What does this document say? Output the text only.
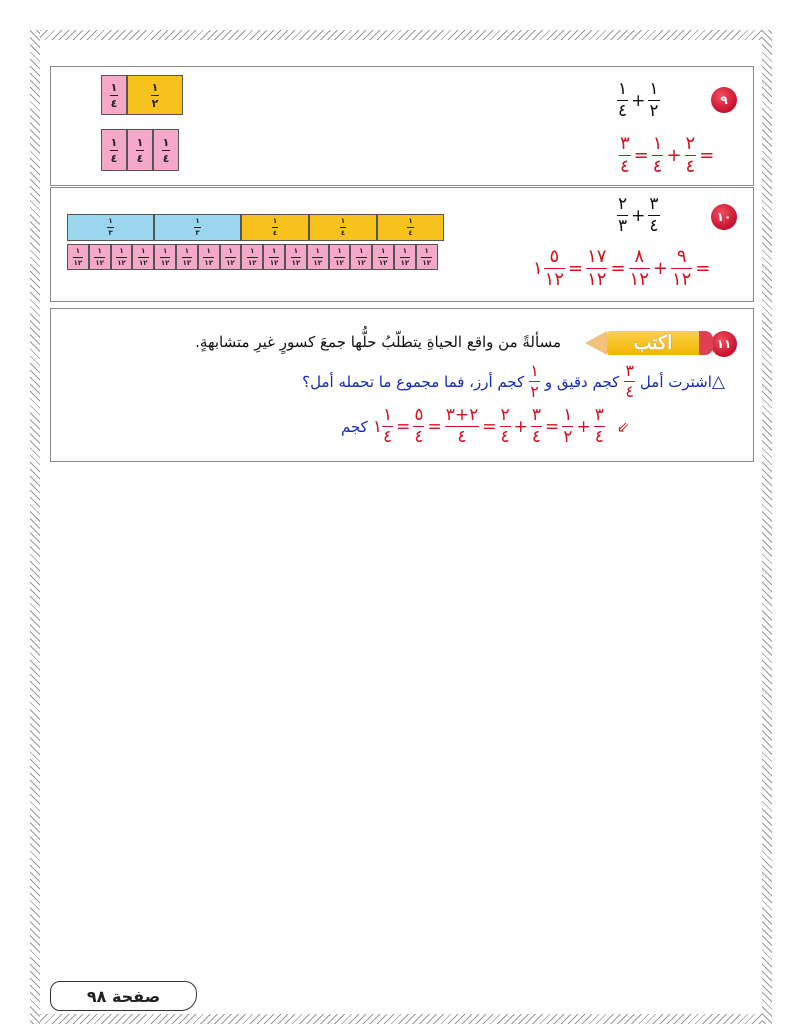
٩
١
٤
+
١
٢
٣
٤
=
١
٤
+
٢
٤
=
١
٤
١
٢
١
٤
١
٤
١
٤
١٠
٢
٣
+
٣
٤
١
٥
١٢
=
١٧
١٢
=
٨
١٢
+
٩
١٢
=
١
٣
١
٣
١
٤
١
٤
١
٤
١
١٢
١
١٢
١
١٢
١
١٢
١
١٢
١
١٢
١
١٢
١
١٢
١
١٢
١
١٢
١
١٢
١
١٢
١
١٢
١
١٢
١
١٢
١
١٢
١
١٢
١١
اكتب
مسألةً من واقع الحياةِ يتطلّبُ حلُّها جمعَ كسورٍ غيرِ متشابهةٍ.
△
اشترت أمل
٣
٤
كجم دقيق و
١
٢
كجم أرز، فما مجموع ما تحمله أمل؟
كجم ١
١
٤
=
٥
٤
=
٢+٣
٤
=
٢
٤
+
٣
٤
=
١
٢
+
٣
٤
⇙
صفحة ٩٨
